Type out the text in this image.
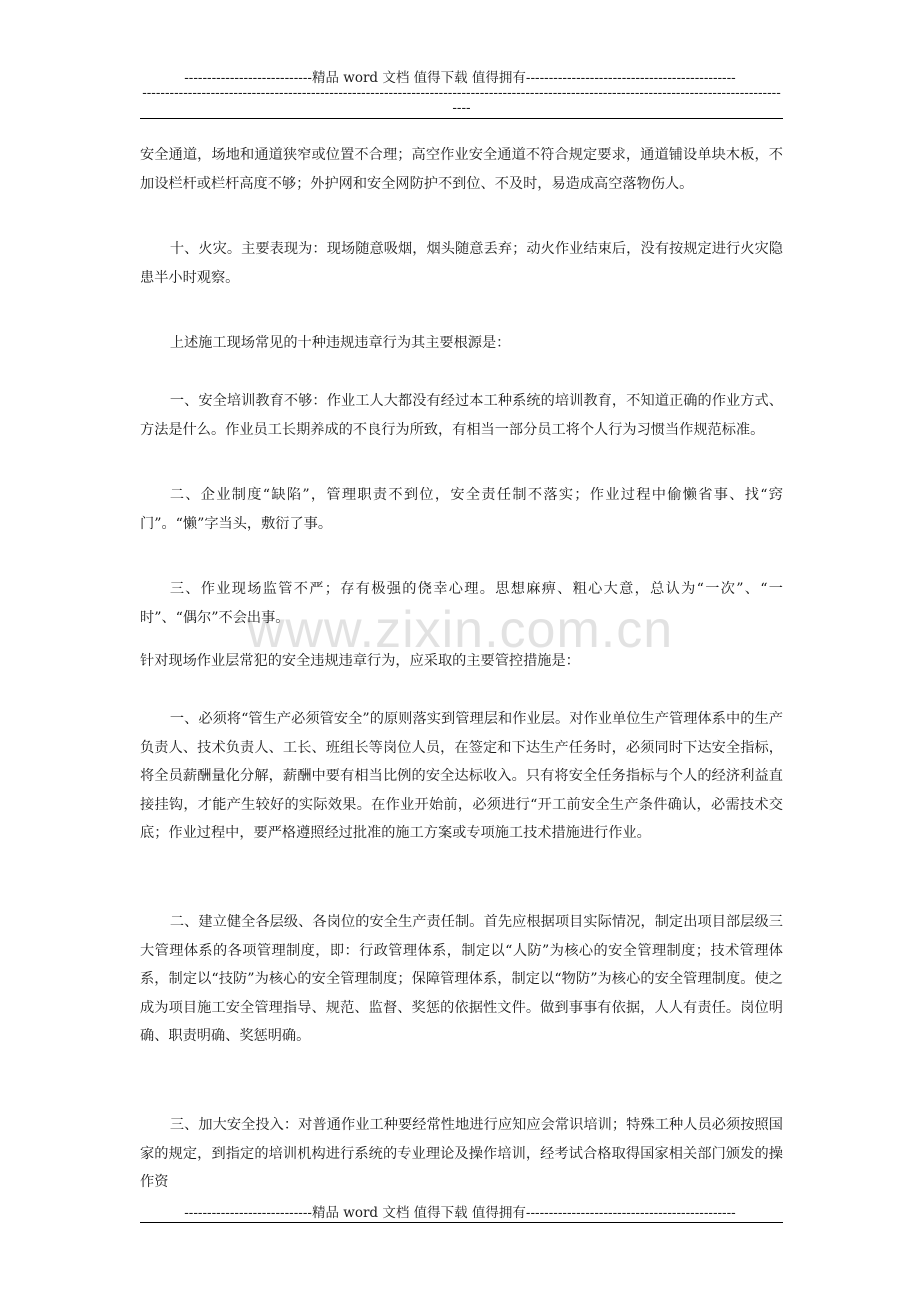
----------------------------精品 word 文档 值得下载 值得拥有----------------------------------------------
--------------------------------------------------------------------------------------------------------------------------------------------
----
www.zixin.com.cn

安全通道，场地和通道狭窄或位置不合理；高空作业安全通道不符合规定要求，通道铺设单块木板，不加设栏杆或栏杆高度不够；外护网和安全网防护不到位、不及时，易造成高空落物伤人。

十、火灾。主要表现为：现场随意吸烟，烟头随意丢弃；动火作业结束后，没有按规定进行火灾隐患半小时观察。

上述施工现场常见的十种违规违章行为其主要根源是：

一、安全培训教育不够：作业工人大都没有经过本工种系统的培训教育，不知道正确的作业方式、方法是什么。作业员工长期养成的不良行为所致，有相当一部分员工将个人行为习惯当作规范标准。

二、企业制度“缺陷”，管理职责不到位，安全责任制不落实；作业过程中偷懒省事、找“窍门”。“懒”字当头，敷衍了事。

三、作业现场监管不严；存有极强的侥幸心理。思想麻痹、粗心大意，总认为“一次”、“一时”、“偶尔”不会出事。

针对现场作业层常犯的安全违规违章行为，应采取的主要管控措施是：

一、必须将“管生产必须管安全”的原则落实到管理层和作业层。对作业单位生产管理体系中的生产负责人、技术负责人、工长、班组长等岗位人员，在签定和下达生产任务时，必须同时下达安全指标，将全员薪酬量化分解，薪酬中要有相当比例的安全达标收入。只有将安全任务指标与个人的经济利益直接挂钩，才能产生较好的实际效果。在作业开始前，必须进行“开工前安全生产条件确认，必需技术交底；作业过程中，要严格遵照经过批准的施工方案或专项施工技术措施进行作业。

二、建立健全各层级、各岗位的安全生产责任制。首先应根据项目实际情况，制定出项目部层级三大管理体系的各项管理制度，即：行政管理体系，制定以“人防”为核心的安全管理制度；技术管理体系，制定以“技防”为核心的安全管理制度；保障管理体系，制定以“物防”为核心的安全管理制度。使之成为项目施工安全管理指导、规范、监督、奖惩的依据性文件。做到事事有依据，人人有责任。岗位明确、职责明确、奖惩明确。

三、加大安全投入：对普通作业工种要经常性地进行应知应会常识培训；特殊工种人员必须按照国家的规定，到指定的培训机构进行系统的专业理论及操作培训，经考试合格取得国家相关部门颁发的操作资

----------------------------精品 word 文档 值得下载 值得拥有----------------------------------------------
